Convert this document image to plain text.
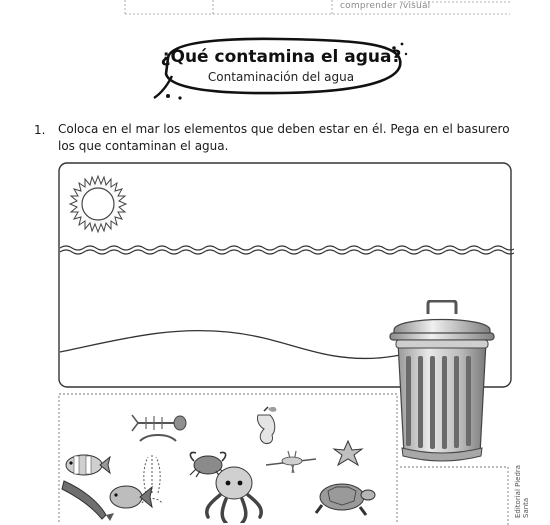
comprender /visual
¿Qué contamina el agua?
Contaminación del agua
1. Coloca en el mar los elementos que deben estar en él. Pega en el basurero los que contaminan el agua.
Editorial Piedra Santa
